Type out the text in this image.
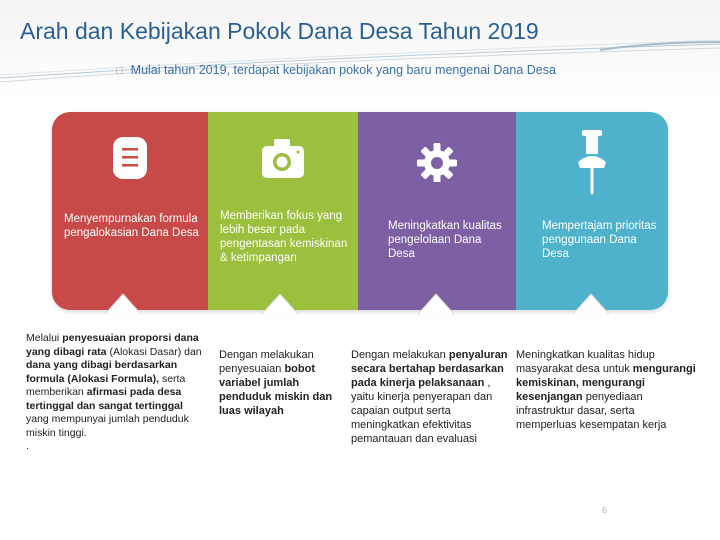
Arah dan Kebijakan Pokok Dana Desa Tahun 2019
□ Mulai tahun 2019, terdapat kebijakan pokok yang baru mengenai Dana Desa
Menyempurnakan formula pengalokasian Dana Desa
Memberikan fokus yang lebih besar pada pengentasan kemiskinan & ketimpangan
Meningkatkan kualitas pengelolaan Dana Desa
Mempertajam prioritas penggunaan Dana Desa
Melalui penyesuaian proporsi dana yang dibagi rata (Alokasi Dasar) dan dana yang dibagi berdasarkan formula (Alokasi Formula), serta memberikan afirmasi pada desa tertinggal dan sangat tertinggal yang mempunyai jumlah penduduk miskin tinggi.
.
Dengan melakukan penyesuaian bobot variabel jumlah penduduk miskin dan luas wilayah
Dengan melakukan penyaluran secara bertahap berdasarkan pada kinerja pelaksanaan , yaitu kinerja penyerapan dan capaian output serta meningkatkan efektivitas pemantauan dan evaluasi
Meningkatkan kualitas hidup masyarakat desa untuk mengurangi kemiskinan, mengurangi kesenjangan penyediaan infrastruktur dasar, serta memperluas kesempatan kerja
6
